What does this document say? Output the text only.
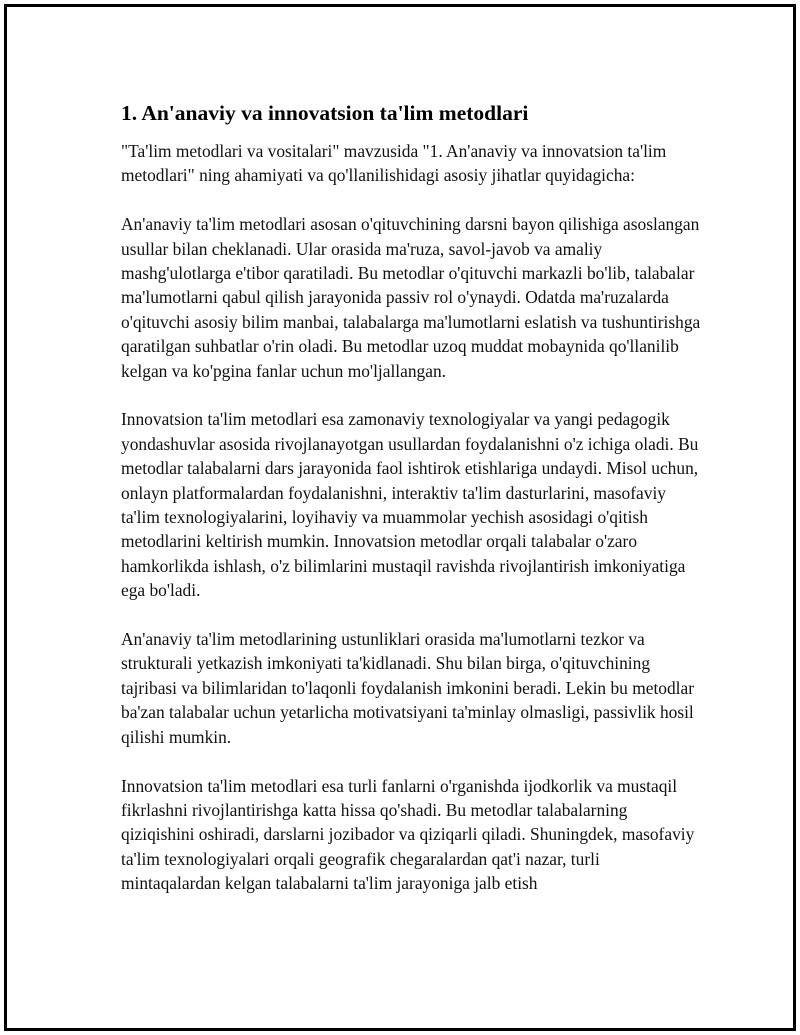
1. An'anaviy va innovatsion ta'lim metodlari

"Ta'lim metodlari va vositalari" mavzusida "1. An'anaviy va innovatsion ta'lim metodlari" ning ahamiyati va qo'llanilishidagi asosiy jihatlar quyidagicha:

An'anaviy ta'lim metodlari asosan o'qituvchining darsni bayon qilishiga asoslangan usullar bilan cheklanadi. Ular orasida ma'ruza, savol-javob va amaliy mashg'ulotlarga e'tibor qaratiladi. Bu metodlar o'qituvchi markazli bo'lib, talabalar ma'lumotlarni qabul qilish jarayonida passiv rol o'ynaydi. Odatda ma'ruzalarda o'qituvchi asosiy bilim manbai, talabalarga ma'lumotlarni eslatish va tushuntirishga qaratilgan suhbatlar o'rin oladi. Bu metodlar uzoq muddat mobaynida qo'llanilib kelgan va ko'pgina fanlar uchun mo'ljallangan.

Innovatsion ta'lim metodlari esa zamonaviy texnologiyalar va yangi pedagogik yondashuvlar asosida rivojlanayotgan usullardan foydalanishni o'z ichiga oladi. Bu metodlar talabalarni dars jarayonida faol ishtirok etishlariga undaydi. Misol uchun, onlayn platformalardan foydalanishni, interaktiv ta'lim dasturlarini, masofaviy ta'lim texnologiyalarini, loyihaviy va muammolar yechish asosidagi o'qitish metodlarini keltirish mumkin. Innovatsion metodlar orqali talabalar o'zaro hamkorlikda ishlash, o'z bilimlarini mustaqil ravishda rivojlantirish imkoniyatiga ega bo'ladi.

An'anaviy ta'lim metodlarining ustunliklari orasida ma'lumotlarni tezkor va strukturali yetkazish imkoniyati ta'kidlanadi. Shu bilan birga, o'qituvchining tajribasi va bilimlaridan to'laqonli foydalanish imkonini beradi. Lekin bu metodlar ba'zan talabalar uchun yetarlicha motivatsiyani ta'minlay olmasligi, passivlik hosil qilishi mumkin.

Innovatsion ta'lim metodlari esa turli fanlarni o'rganishda ijodkorlik va mustaqil fikrlashni rivojlantirishga katta hissa qo'shadi. Bu metodlar talabalarning qiziqishini oshiradi, darslarni jozibador va qiziqarli qiladi. Shuningdek, masofaviy ta'lim texnologiyalari orqali geografik chegaralardan qat'i nazar, turli mintaqalardan kelgan talabalarni ta'lim jarayoniga jalb etish
